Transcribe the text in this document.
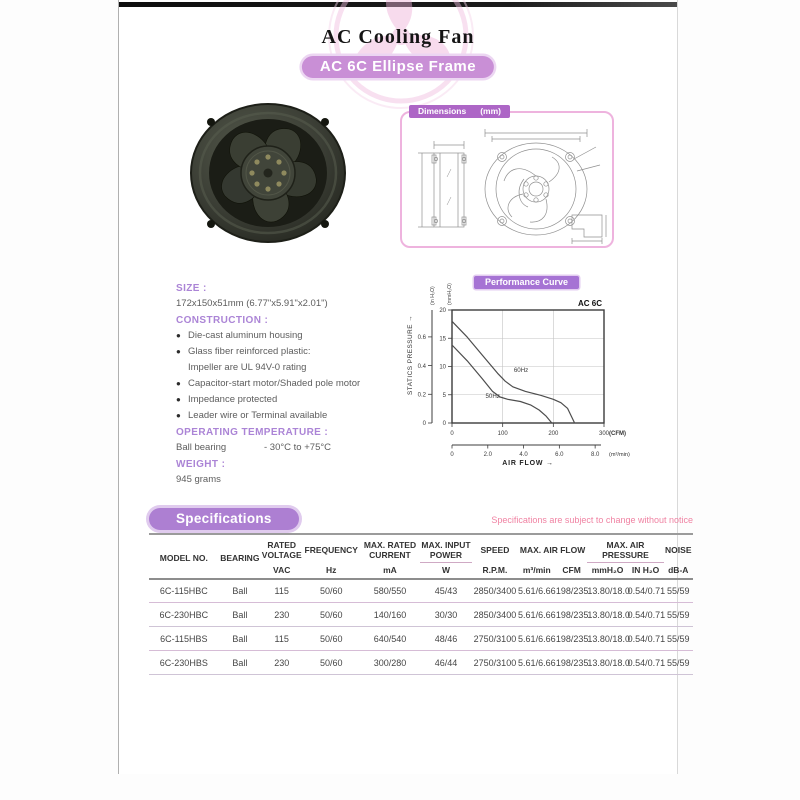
AC Cooling Fan
AC 6C Ellipse Frame
Dimensions (mm)
SIZE :
172x150x51mm (6.77"x5.91"x2.01")
CONSTRUCTION :
● Die-cast aluminum housing
● Glass fiber reinforced plastic:
Impeller are UL 94V-0 rating
● Capacitor-start motor/Shaded pole motor
● Impedance protected
● Leader wire or Terminal available
OPERATING TEMPERATURE :
Ball bearing	- 30°C to +75°C
WEIGHT :
945 grams
Performance Curve
0
5
10
15
20
0
0.2
0.4
0.6
(in H₂O) (mmH₂O)
STATICS PRESSURE →
AC 6C
0	100	200	300 (CFM)
0	2.0	4.0	6.0	8.0 (m³/min)
60Hz
50Hz
AIR FLOW →
Specifications	Specifications are subject to change without notice
MODEL NO.	BEARING	RATED VOLTAGE	FREQUENCY	MAX. RATED CURRENT	MAX. INPUT POWER	SPEED	MAX. AIR FLOW		MAX. AIR PRESSURE		NOISE
		VAC	Hz	mA	W	R.P.M.	m³/min	CFM	mmH₂O	IN H₂O	dB-A
6C-115HBC	Ball	115	50/60	580/550	45/43	2850/3400	5.61/6.66	198/235	13.80/18.0	0.54/0.71	55/59
6C-230HBC	Ball	230	50/60	140/160	30/30	2850/3400	5.61/6.66	198/235	13.80/18.0	0.54/0.71	55/59
6C-115HBS	Ball	115	50/60	640/540	48/46	2750/3100	5.61/6.66	198/235	13.80/18.0	0.54/0.71	55/59
6C-230HBS	Ball	230	50/60	300/280	46/44	2750/3100	5.61/6.66	198/235	13.80/18.0	0.54/0.71	55/59
